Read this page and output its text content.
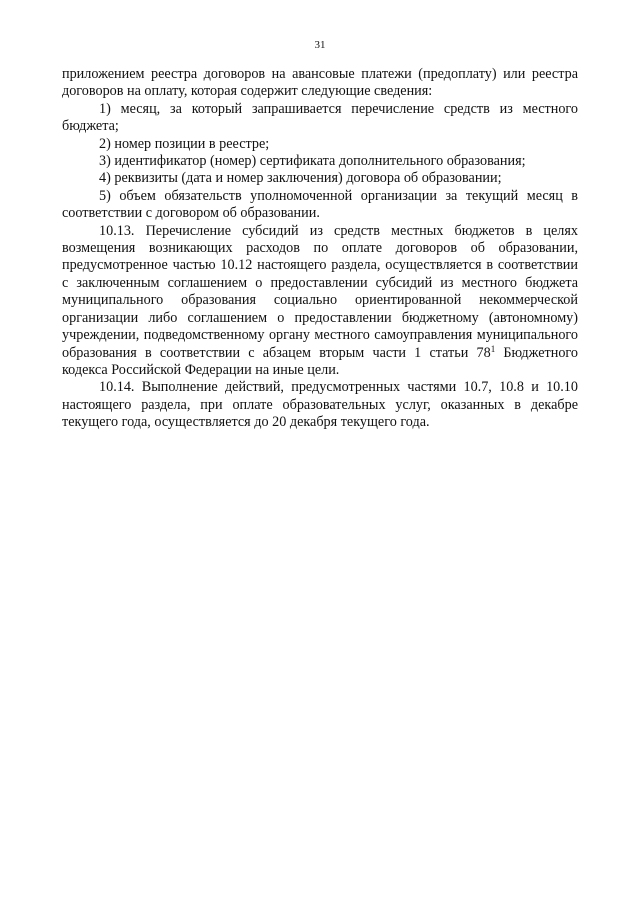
31

приложением реестра договоров на авансовые платежи (предоплату) или реестра договоров на оплату, которая содержит следующие сведения:

1) месяц, за который запрашивается перечисление средств из местного бюджета;

2) номер позиции в реестре;

3) идентификатор (номер) сертификата дополнительного образования;

4) реквизиты (дата и номер заключения) договора об образовании;

5) объем обязательств уполномоченной организации за текущий месяц в соответствии с договором об образовании.

10.13. Перечисление субсидий из средств местных бюджетов в целях возмещения возникающих расходов по оплате договоров об образовании, предусмотренное частью 10.12 настоящего раздела, осуществляется в соответствии с заключенным соглашением о предоставлении субсидий из местного бюджета муниципального образования социально ориентированной некоммерческой организации либо соглашением о предоставлении бюджетному (автономному) учреждении, подведомственному органу местного самоуправления муниципального образования в соответствии с абзацем вторым части 1 статьи $78^1$ Бюджетного кодекса Российской Федерации на иные цели.

10.14. Выполнение действий, предусмотренных частями 10.7, 10.8 и 10.10 настоящего раздела, при оплате образовательных услуг, оказанных в декабре текущего года, осуществляется до 20 декабря текущего года.
